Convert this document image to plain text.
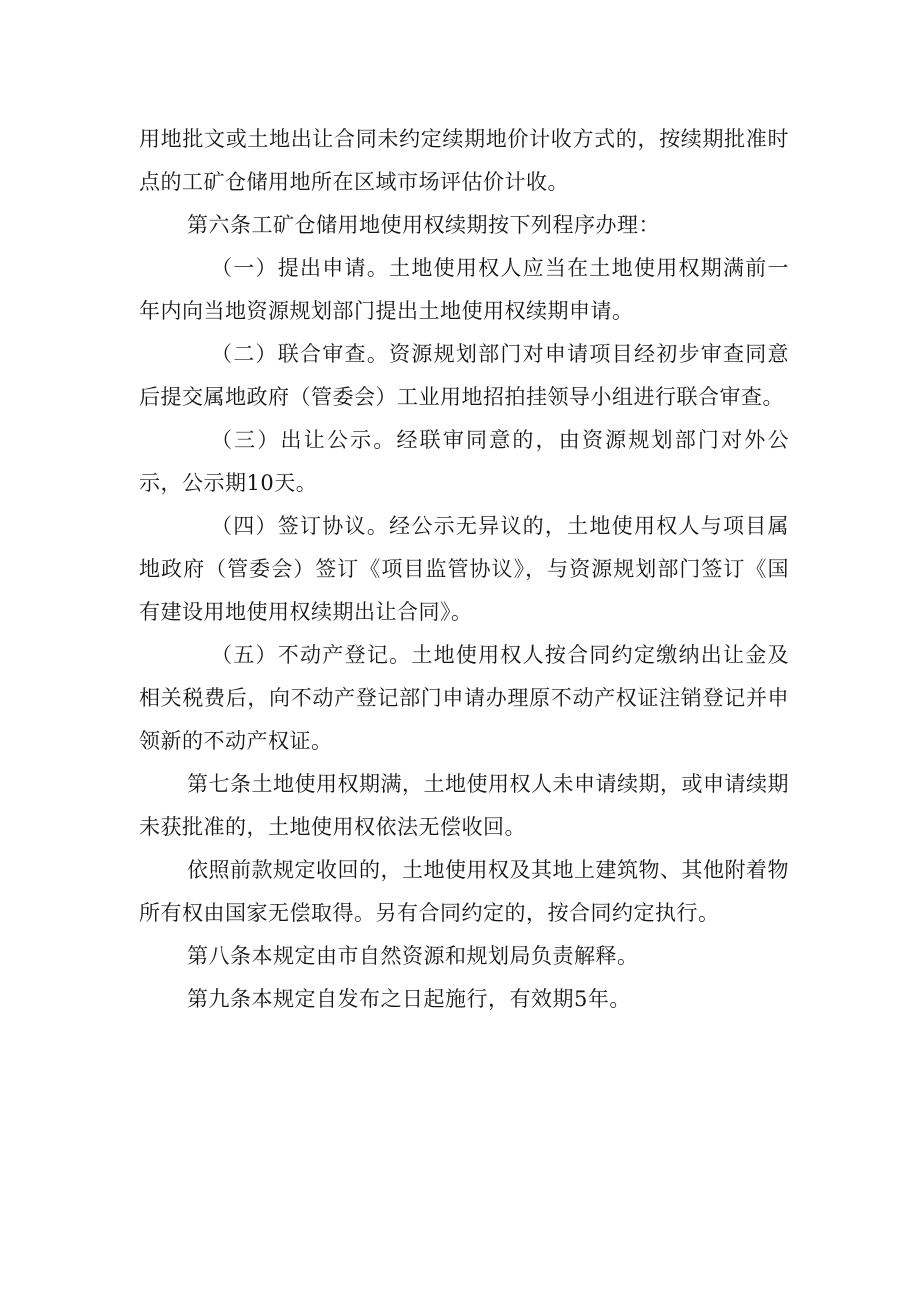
用地批文或土地出让合同未约定续期地价计收方式的，按续期批准时点的工矿仓储用地所在区域市场评估价计收。

第六条工矿仓储用地使用权续期按下列程序办理：

（一）提出申请。土地使用权人应当在土地使用权期满前一年内向当地资源规划部门提出土地使用权续期申请。

（二）联合审查。资源规划部门对申请项目经初步审查同意后提交属地政府（管委会）工业用地招拍挂领导小组进行联合审查。

（三）出让公示。经联审同意的，由资源规划部门对外公示，公示期10天。

（四）签订协议。经公示无异议的，土地使用权人与项目属地政府（管委会）签订《项目监管协议》，与资源规划部门签订《国有建设用地使用权续期出让合同》。

（五）不动产登记。土地使用权人按合同约定缴纳出让金及相关税费后，向不动产登记部门申请办理原不动产权证注销登记并申领新的不动产权证。

第七条土地使用权期满，土地使用权人未申请续期，或申请续期未获批准的，土地使用权依法无偿收回。

依照前款规定收回的，土地使用权及其地上建筑物、其他附着物所有权由国家无偿取得。另有合同约定的，按合同约定执行。

第八条本规定由市自然资源和规划局负责解释。

第九条本规定自发布之日起施行，有效期5年。
